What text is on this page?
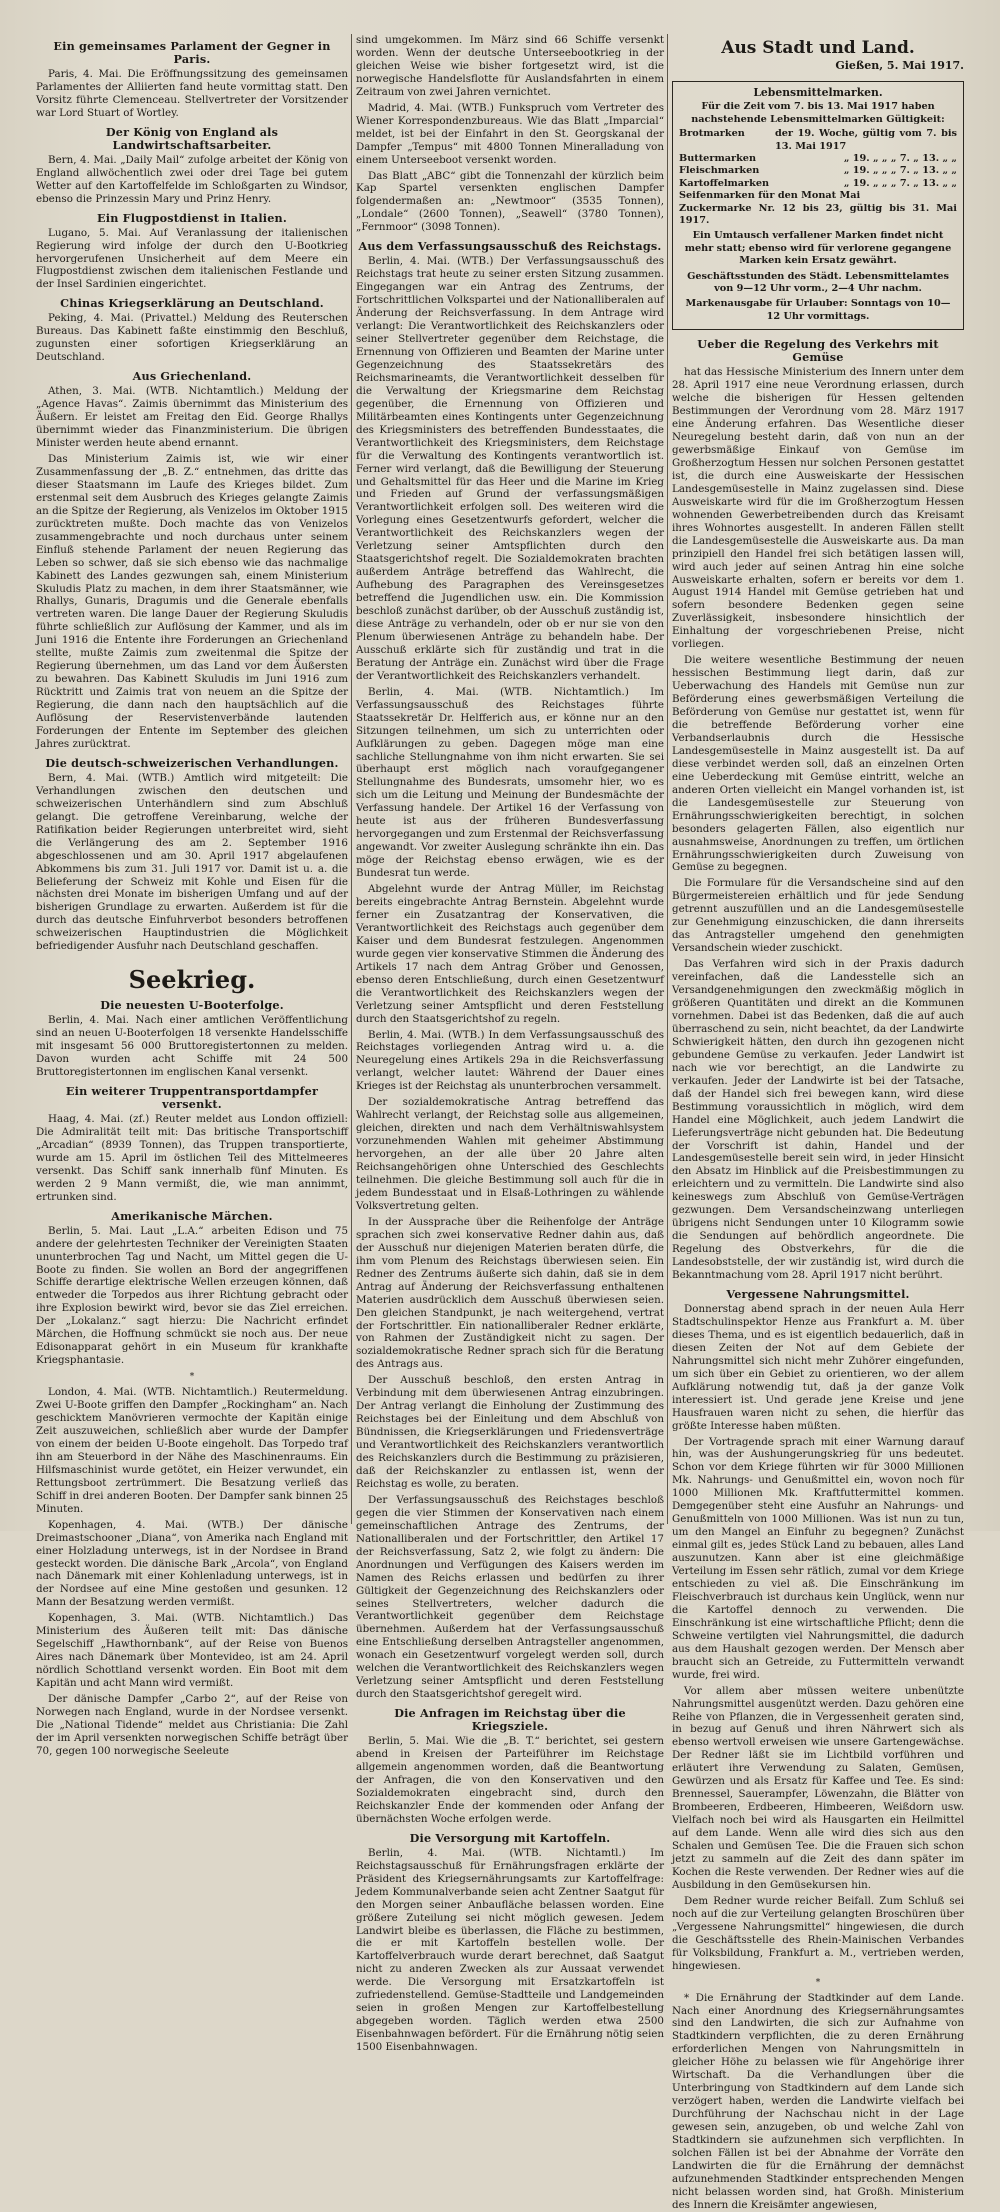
Ein gemeinsames Parlament der Gegner in Paris.

Paris, 4. Mai. Die Eröffnungssitzung des gemeinsamen Parlamentes der Alliierten fand heute vormittag statt. Den Vorsitz führte Clemenceau. Stellvertreter der Vorsitzender war Lord Stuart of Wortley.

Der König von England als Landwirtschaftsarbeiter.

Bern, 4. Mai. „Daily Mail“ zufolge arbeitet der König von England allwöchentlich zwei oder drei Tage bei gutem Wetter auf den Kartoffelfelde im Schloßgarten zu Windsor, ebenso die Prinzessin Mary und Prinz Henry.

Ein Flugpostdienst in Italien.

Lugano, 5. Mai. Auf Veranlassung der italienischen Regierung wird infolge der durch den U-Bootkrieg hervorgerufenen Unsicherheit auf dem Meere ein Flugpostdienst zwischen dem italienischen Festlande und der Insel Sardinien eingerichtet.

Chinas Kriegserklärung an Deutschland.

Peking, 4. Mai. (Privattel.) Meldung des Reuterschen Bureaus. Das Kabinett faßte einstimmig den Beschluß, zugunsten einer sofortigen Kriegserklärung an Deutschland.

Aus Griechenland.

Athen, 3. Mai. (WTB. Nichtamtlich.) Meldung der „Agence Havas“. Zaimis übernimmt das Ministerium des Äußern. Er leistet am Freitag den Eid. George Rhallys übernimmt wieder das Finanzministerium. Die übrigen Minister werden heute abend ernannt.

Das Ministerium Zaimis ist, wie wir einer Zusammenfassung der „B. Z.“ entnehmen, das dritte das dieser Staatsmann im Laufe des Krieges bildet. Zum erstenmal seit dem Ausbruch des Krieges gelangte Zaimis an die Spitze der Regierung, als Venizelos im Oktober 1915 zurücktreten mußte. Doch machte das von Venizelos zusammengebrachte und noch durchaus unter seinem Einfluß stehende Parlament der neuen Regierung das Leben so schwer, daß sie sich ebenso wie das nachmalige Kabinett des Landes gezwungen sah, einem Ministerium Skuludis Platz zu machen, in dem ihrer Staatsmänner, wie Rhallys, Gunaris, Dragumis und die Generale ebenfalls vertreten waren. Die lange Dauer der Regierung Skuludis führte schließlich zur Auflösung der Kammer, und als im Juni 1916 die Entente ihre Forderungen an Griechenland stellte, mußte Zaimis zum zweitenmal die Spitze der Regierung übernehmen, um das Land vor dem Äußersten zu bewahren. Das Kabinett Skuludis im Juni 1916 zum Rücktritt und Zaimis trat von neuem an die Spitze der Regierung, die dann nach den hauptsächlich auf die Auflösung der Reservistenverbände lautenden Forderungen der Entente im September des gleichen Jahres zurücktrat.

Die deutsch-schweizerischen Verhandlungen.

Bern, 4. Mai. (WTB.) Amtlich wird mitgeteilt: Die Verhandlungen zwischen den deutschen und schweizerischen Unterhändlern sind zum Abschluß gelangt. Die getroffene Vereinbarung, welche der Ratifikation beider Regierungen unterbreitet wird, sieht die Verlängerung des am 2. September 1916 abgeschlossenen und am 30. April 1917 abgelaufenen Abkommens bis zum 31. Juli 1917 vor. Damit ist u. a. die Belieferung der Schweiz mit Kohle und Eisen für die nächsten drei Monate im bisherigen Umfang und auf der bisherigen Grundlage zu erwarten. Außerdem ist für die durch das deutsche Einfuhrverbot besonders betroffenen schweizerischen Hauptindustrien die Möglichkeit befriedigender Ausfuhr nach Deutschland geschaffen.

Seekrieg.
Die neuesten U-Booterfolge.

Berlin, 4. Mai. Nach einer amtlichen Veröffentlichung sind an neuen U-Booterfolgen 18 versenkte Handelsschiffe mit insgesamt 56 000 Bruttoregistertonnen zu melden. Davon wurden acht Schiffe mit 24 500 Bruttoregistertonnen im englischen Kanal versenkt.

Ein weiterer Truppentransportdampfer versenkt.

Haag, 4. Mai. (zf.) Reuter meldet aus London offiziell: Die Admiralität teilt mit: Das britische Transportschiff „Arcadian“ (8939 Tonnen), das Truppen transportierte, wurde am 15. April im östlichen Teil des Mittelmeeres versenkt. Das Schiff sank innerhalb fünf Minuten. Es werden 2 9 Mann vermißt, die, wie man annimmt, ertrunken sind.

Amerikanische Märchen.

Berlin, 5. Mai. Laut „L.A.“ arbeiten Edison und 75 andere der gelehrtesten Techniker der Vereinigten Staaten ununterbrochen Tag und Nacht, um Mittel gegen die U-Boote zu finden. Sie wollen an Bord der angegriffenen Schiffe derartige elektrische Wellen erzeugen können, daß entweder die Torpedos aus ihrer Richtung gebracht oder ihre Explosion bewirkt wird, bevor sie das Ziel erreichen. Der „Lokalanz.“ sagt hierzu: Die Nachricht erfindet Märchen, die Hoffnung schmückt sie noch aus. Der neue Edisonapparat gehört in ein Museum für krankhafte Kriegsphantasie.

*

London, 4. Mai. (WTB. Nichtamtlich.) Reutermeldung. Zwei U-Boote griffen den Dampfer „Rockingham“ an. Nach geschicktem Manövrieren vermochte der Kapitän einige Zeit auszuweichen, schließlich aber wurde der Dampfer von einem der beiden U-Boote eingeholt. Das Torpedo traf ihn am Steuerbord in der Nähe des Maschinenraums. Ein Hilfsmaschinist wurde getötet, ein Heizer verwundet, ein Rettungsboot zertrümmert. Die Besatzung verließ das Schiff in drei anderen Booten. Der Dampfer sank binnen 25 Minuten.

Kopenhagen, 4. Mai. (WTB.) Der dänische Dreimastschooner „Diana“, von Amerika nach England mit einer Holzladung unterwegs, ist in der Nordsee in Brand gesteckt worden. Die dänische Bark „Arcola“, von England nach Dänemark mit einer Kohlenladung unterwegs, ist in der Nordsee auf eine Mine gestoßen und gesunken. 12 Mann der Besatzung werden vermißt.

Kopenhagen, 3. Mai. (WTB. Nichtamtlich.) Das Ministerium des Äußeren teilt mit: Das dänische Segelschiff „Hawthornbank“, auf der Reise von Buenos Aires nach Dänemark über Montevideo, ist am 24. April nördlich Schottland versenkt worden. Ein Boot mit dem Kapitän und acht Mann wird vermißt.

Der dänische Dampfer „Carbo 2“, auf der Reise von Norwegen nach England, wurde in der Nordsee versenkt. Die „National Tidende“ meldet aus Christiania: Die Zahl der im April versenkten norwegischen Schiffe beträgt über 70, gegen 100 norwegische Seeleute

sind umgekommen. Im März sind 66 Schiffe versenkt worden. Wenn der deutsche Unterseebootkrieg in der gleichen Weise wie bisher fortgesetzt wird, ist die norwegische Handelsflotte für Auslandsfahrten in einem Zeitraum von zwei Jahren vernichtet.

Madrid, 4. Mai. (WTB.) Funkspruch vom Vertreter des Wiener Korrespondenzbureaus. Wie das Blatt „Imparcial“ meldet, ist bei der Einfahrt in den St. Georgskanal der Dampfer „Tempus“ mit 4800 Tonnen Mineralladung von einem Unterseeboot versenkt worden.

Das Blatt „ABC“ gibt die Tonnenzahl der kürzlich beim Kap Spartel versenkten englischen Dampfer folgendermaßen an: „Newtmoor“ (3535 Tonnen), „Londale“ (2600 Tonnen), „Seawell“ (3780 Tonnen), „Fernmoor“ (3098 Tonnen).

Aus dem Verfassungsausschuß des Reichstags.

Berlin, 4. Mai. (WTB.) Der Verfassungsausschuß des Reichstags trat heute zu seiner ersten Sitzung zusammen. Eingegangen war ein Antrag des Zentrums, der Fortschrittlichen Volkspartei und der Nationalliberalen auf Änderung der Reichsverfassung. In dem Antrage wird verlangt: Die Verantwortlichkeit des Reichskanzlers oder seiner Stellvertreter gegenüber dem Reichstage, die Ernennung von Offizieren und Beamten der Marine unter Gegenzeichnung des Staatssekretärs des Reichsmarineamts, die Verantwortlichkeit desselben für die Verwaltung der Kriegsmarine dem Reichstag gegenüber, die Ernennung von Offizieren und Militärbeamten eines Kontingents unter Gegenzeichnung des Kriegsministers des betreffenden Bundesstaates, die Verantwortlichkeit des Kriegsministers, dem Reichstage für die Verwaltung des Kontingents verantwortlich ist. Ferner wird verlangt, daß die Bewilligung der Steuerung und Gehaltsmittel für das Heer und die Marine im Krieg und Frieden auf Grund der verfassungsmäßigen Verantwortlichkeit erfolgen soll. Des weiteren wird die Vorlegung eines Gesetzentwurfs gefordert, welcher die Verantwortlichkeit des Reichskanzlers wegen der Verletzung seiner Amtspflichten durch den Staatsgerichtshof regelt. Die Sozialdemokraten brachten außerdem Anträge betreffend das Wahlrecht, die Aufhebung des Paragraphen des Vereinsgesetzes betreffend die Jugendlichen usw. ein. Die Kommission beschloß zunächst darüber, ob der Ausschuß zuständig ist, diese Anträge zu verhandeln, oder ob er nur sie von den Plenum überwiesenen Anträge zu behandeln habe. Der Ausschuß erklärte sich für zuständig und trat in die Beratung der Anträge ein. Zunächst wird über die Frage der Verantwortlichkeit des Reichskanzlers verhandelt.

Berlin, 4. Mai. (WTB. Nichtamtlich.) Im Verfassungsausschuß des Reichstages führte Staatssekretär Dr. Helfferich aus, er könne nur an den Sitzungen teilnehmen, um sich zu unterrichten oder Aufklärungen zu geben. Dagegen möge man eine sachliche Stellungnahme von ihm nicht erwarten. Sie sei überhaupt erst möglich nach voraufgegangener Stellungnahme des Bundesrats, umsomehr hier, wo es sich um die Leitung und Meinung der Bundesmächte der Verfassung handele. Der Artikel 16 der Verfassung von heute ist aus der früheren Bundesverfassung hervorgegangen und zum Erstenmal der Reichsverfassung angewandt. Vor zweiter Auslegung schränkte ihn ein. Das möge der Reichstag ebenso erwägen, wie es der Bundesrat tun werde.

Abgelehnt wurde der Antrag Müller, im Reichstag bereits eingebrachte Antrag Bernstein. Abgelehnt wurde ferner ein Zusatzantrag der Konservativen, die Verantwortlichkeit des Reichstags auch gegenüber dem Kaiser und dem Bundesrat festzulegen. Angenommen wurde gegen vier konservative Stimmen die Änderung des Artikels 17 nach dem Antrag Gröber und Genossen, ebenso deren Entschließung, durch einen Gesetzentwurf die Verantwortlichkeit des Reichskanzlers wegen der Verletzung seiner Amtspflicht und deren Feststellung durch den Staatsgerichtshof zu regeln.

Berlin, 4. Mai. (WTB.) In dem Verfassungsausschuß des Reichstages vorliegenden Antrag wird u. a. die Neuregelung eines Artikels 29a in die Reichsverfassung verlangt, welcher lautet: Während der Dauer eines Krieges ist der Reichstag als ununterbrochen versammelt.

Der sozialdemokratische Antrag betreffend das Wahlrecht verlangt, der Reichstag solle aus allgemeinen, gleichen, direkten und nach dem Verhältniswahlsystem vorzunehmenden Wahlen mit geheimer Abstimmung hervorgehen, an der alle über 20 Jahre alten Reichsangehörigen ohne Unterschied des Geschlechts teilnehmen. Die gleiche Bestimmung soll auch für die in jedem Bundesstaat und in Elsaß-Lothringen zu wählende Volksvertretung gelten.

In der Aussprache über die Reihenfolge der Anträge sprachen sich zwei konservative Redner dahin aus, daß der Ausschuß nur diejenigen Materien beraten dürfe, die ihm vom Plenum des Reichstags überwiesen seien. Ein Redner des Zentrums äußerte sich dahin, daß sie in dem Antrag auf Änderung der Reichsverfassung enthaltenen Materien ausdrücklich dem Ausschuß überwiesen seien. Den gleichen Standpunkt, je nach weitergehend, vertrat der Fortschrittler. Ein nationalliberaler Redner erklärte, von Rahmen der Zuständigkeit nicht zu sagen. Der sozialdemokratische Redner sprach sich für die Beratung des Antrags aus.

Der Ausschuß beschloß, den ersten Antrag in Verbindung mit dem überwiesenen Antrag einzubringen. Der Antrag verlangt die Einholung der Zustimmung des Reichstages bei der Einleitung und dem Abschluß von Bündnissen, die Kriegserklärungen und Friedensverträge und Verantwortlichkeit des Reichskanzlers verantwortlich des Reichskanzlers durch die Bestimmung zu präzisieren, daß der Reichskanzler zu entlassen ist, wenn der Reichstag es wolle, zu beraten.

Der Verfassungsausschuß des Reichstages beschloß gegen die vier Stimmen der Konservativen nach einem gemeinschaftlichen Antrage des Zentrums, der Nationalliberalen und der Fortschrittler, den Artikel 17 der Reichsverfassung, Satz 2, wie folgt zu ändern: Die Anordnungen und Verfügungen des Kaisers werden im Namen des Reichs erlassen und bedürfen zu ihrer Gültigkeit der Gegenzeichnung des Reichskanzlers oder seines Stellvertreters, welcher dadurch die Verantwortlichkeit gegenüber dem Reichstage übernehmen. Außerdem hat der Verfassungsausschuß eine Entschließung derselben Antragsteller angenommen, wonach ein Gesetzentwurf vorgelegt werden soll, durch welchen die Verantwortlichkeit des Reichskanzlers wegen Verletzung seiner Amtspflicht und deren Feststellung durch den Staatsgerichtshof geregelt wird.

Die Anfragen im Reichstag über die Kriegsziele.

Berlin, 5. Mai. Wie die „B. T.“ berichtet, sei gestern abend in Kreisen der Parteiführer im Reichstage allgemein angenommen worden, daß die Beantwortung der Anfragen, die von den Konservativen und den Sozialdemokraten eingebracht sind, durch den Reichskanzler Ende der kommenden oder Anfang der übernächsten Woche erfolgen werde.

Die Versorgung mit Kartoffeln.

Berlin, 4. Mai. (WTB. Nichtamtl.) Im Reichstagsausschuß für Ernährungsfragen erklärte der Präsident des Kriegsernährungsamts zur Kartoffelfrage: Jedem Kommunalverbande seien acht Zentner Saatgut für den Morgen seiner Anbaufläche belassen worden. Eine größere Zuteilung sei nicht möglich gewesen. Jedem Landwirt bleibe es überlassen, die Fläche zu bestimmen, die er mit Kartoffeln bestellen wolle. Der Kartoffelverbrauch wurde derart berechnet, daß Saatgut nicht zu anderen Zwecken als zur Aussaat verwendet werde. Die Versorgung mit Ersatzkartoffeln ist zufriedenstellend. Gemüse-Stadtteile und Landgemeinden seien in großen Mengen zur Kartoffelbestellung abgegeben worden. Täglich werden etwa 2500 Eisenbahnwagen befördert. Für die Ernährung nötig seien 1500 Eisenbahnwagen.

Aus Stadt und Land.
Gießen, 5. Mai 1917.
Lebensmittelmarken.
Für die Zeit vom 7. bis 13. Mai 1917 haben nachstehende Lebensmittelmarken Gültigkeit:
Brotmarken	der 19. Woche, gültig vom 7. bis 13. Mai 1917
Buttermarken	„ 19. „ „ „ 7. „ 13. „ „
Fleischmarken	„ 19. „ „ „ 7. „ 13. „ „
Kartoffelmarken	„ 19. „ „ „ 7. „ 13. „ „
Seifenmarken für den Monat Mai
Zuckermarke Nr. 12 bis 23, gültig bis 31. Mai 1917.
Ein Umtausch verfallener Marken findet nicht mehr statt; ebenso wird für verlorene gegangene Marken kein Ersatz gewährt.
Geschäftsstunden des Städt. Lebensmittelamtes von 9—12 Uhr vorm., 2—4 Uhr nachm.
Markenausgabe für Urlauber: Sonntags von 10—12 Uhr vormittags.
Ueber die Regelung des Verkehrs mit Gemüse

hat das Hessische Ministerium des Innern unter dem 28. April 1917 eine neue Verordnung erlassen, durch welche die bisherigen für Hessen geltenden Bestimmungen der Verordnung vom 28. März 1917 eine Änderung erfahren. Das Wesentliche dieser Neuregelung besteht darin, daß von nun an der gewerbsmäßige Einkauf von Gemüse im Großherzogtum Hessen nur solchen Personen gestattet ist, die durch eine Ausweiskarte der Hessischen Landesgemüsestelle in Mainz zugelassen sind. Diese Ausweiskarte wird für die im Großherzogtum Hessen wohnenden Gewerbetreibenden durch das Kreisamt ihres Wohnortes ausgestellt. In anderen Fällen stellt die Landesgemüsestelle die Ausweiskarte aus. Da man prinzipiell den Handel frei sich betätigen lassen will, wird auch jeder auf seinen Antrag hin eine solche Ausweiskarte erhalten, sofern er bereits vor dem 1. August 1914 Handel mit Gemüse getrieben hat und sofern besondere Bedenken gegen seine Zuverlässigkeit, insbesondere hinsichtlich der Einhaltung der vorgeschriebenen Preise, nicht vorliegen.

Die weitere wesentliche Bestimmung der neuen hessischen Bestimmung liegt darin, daß zur Ueberwachung des Handels mit Gemüse nun zur Beförderung eines gewerbsmäßigen Verteilung die Beförderung von Gemüse nur gestattet ist, wenn für die betreffende Beförderung vorher eine Verbandserlaubnis durch die Hessische Landesgemüsestelle in Mainz ausgestellt ist. Da auf diese verbindet werden soll, daß an einzelnen Orten eine Ueberdeckung mit Gemüse eintritt, welche an anderen Orten vielleicht ein Mangel vorhanden ist, ist die Landesgemüsestelle zur Steuerung von Ernährungsschwierigkeiten berechtigt, in solchen besonders gelagerten Fällen, also eigentlich nur ausnahmsweise, Anordnungen zu treffen, um örtlichen Ernährungsschwierigkeiten durch Zuweisung von Gemüse zu begegnen.

Die Formulare für die Versandscheine sind auf den Bürgermeistereien erhältlich und für jede Sendung getrennt auszufüllen und an die Landesgemüsestelle zur Genehmigung einzuschicken, die dann ihrerseits das Antragsteller umgehend den genehmigten Versandschein wieder zuschickt.

Das Verfahren wird sich in der Praxis dadurch vereinfachen, daß die Landesstelle sich an Versandgenehmigungen den zweckmäßig möglich in größeren Quantitäten und direkt an die Kommunen vornehmen. Dabei ist das Bedenken, daß die auf auch überraschend zu sein, nicht beachtet, da der Landwirte Schwierigkeit hätten, den durch ihn gezogenen nicht gebundene Gemüse zu verkaufen. Jeder Landwirt ist nach wie vor berechtigt, an die Landwirte zu verkaufen. Jeder der Landwirte ist bei der Tatsache, daß der Handel sich frei bewegen kann, wird diese Bestimmung voraussichtlich in möglich, wird dem Handel eine Möglichkeit, auch jedem Landwirt die Lieferungsverträge nicht gebunden hat. Die Bedeutung der Vorschrift ist dahin, Handel und der Landesgemüsestelle bereit sein wird, in jeder Hinsicht den Absatz im Hinblick auf die Preisbestimmungen zu erleichtern und zu vermitteln. Die Landwirte sind also keineswegs zum Abschluß von Gemüse-Verträgen gezwungen. Dem Versandscheinzwang unterliegen übrigens nicht Sendungen unter 10 Kilogramm sowie die Sendungen auf behördlich angeordnete. Die Regelung des Obstverkehrs, für die die Landesobststelle, der wir zuständig ist, wird durch die Bekanntmachung vom 28. April 1917 nicht berührt.

Vergessene Nahrungsmittel.

Donnerstag abend sprach in der neuen Aula Herr Stadtschulinspektor Henze aus Frankfurt a. M. über dieses Thema, und es ist eigentlich bedauerlich, daß in diesen Zeiten der Not auf dem Gebiete der Nahrungsmittel sich nicht mehr Zuhörer eingefunden, um sich über ein Gebiet zu orientieren, wo der allem Aufklärung notwendig tut, daß ja der ganze Volk interessiert ist. Und gerade jene Kreise und jene Hausfrauen waren nicht zu sehen, die hierfür das größte Interesse haben müßten.

Der Vortragende sprach mit einer Warnung darauf hin, was der Aushungerungskrieg für uns bedeutet. Schon vor dem Kriege führten wir für 3000 Millionen Mk. Nahrungs- und Genußmittel ein, wovon noch für 1000 Millionen Mk. Kraftfuttermittel kommen. Demgegenüber steht eine Ausfuhr an Nahrungs- und Genußmitteln von 1000 Millionen. Was ist nun zu tun, um den Mangel an Einfuhr zu begegnen? Zunächst einmal gilt es, jedes Stück Land zu bebauen, alles Land auszunutzen. Kann aber ist eine gleichmäßige Verteilung im Essen sehr rätlich, zumal vor dem Kriege entschieden zu viel aß. Die Einschränkung im Fleischverbrauch ist durchaus kein Unglück, wenn nur die Kartoffel dennoch zu verwenden. Die Einschränkung ist eine wirtschaftliche Pflicht; denn die Schweine vertilgten viel Nahrungsmittel, die dadurch aus dem Haushalt gezogen werden. Der Mensch aber braucht sich an Getreide, zu Futtermitteln verwandt wurde, frei wird.

Vor allem aber müssen weitere unbenützte Nahrungsmittel ausgenützt werden. Dazu gehören eine Reihe von Pflanzen, die in Vergessenheit geraten sind, in bezug auf Genuß und ihren Nährwert sich als ebenso wertvoll erweisen wie unsere Gartengewächse. Der Redner läßt sie im Lichtbild vorführen und erläutert ihre Verwendung zu Salaten, Gemüsen, Gewürzen und als Ersatz für Kaffee und Tee. Es sind: Brennessel, Sauerampfer, Löwenzahn, die Blätter von Brombeeren, Erdbeeren, Himbeeren, Weißdorn usw. Vielfach noch bei wird als Hausgarten ein Heilmittel auf dem Lande. Wenn alle wird dies sich aus den Schalen und Gemüsen Tee. Die die Frauen sich schon jetzt zu sammeln auf die Zeit des dann später im Kochen die Reste verwenden. Der Redner wies auf die Ausbildung in den Gemüsekursen hin.

Dem Redner wurde reicher Beifall. Zum Schluß sei noch auf die zur Verteilung gelangten Broschüren über „Vergessene Nahrungsmittel“ hingewiesen, die durch die Geschäftsstelle des Rhein-Mainischen Verbandes für Volksbildung, Frankfurt a. M., vertrieben werden, hingewiesen.

*

* Die Ernährung der Stadtkinder auf dem Lande. Nach einer Anordnung des Kriegsernährungsamtes sind den Landwirten, die sich zur Aufnahme von Stadtkindern verpflichten, die zu deren Ernährung erforderlichen Mengen von Nahrungsmitteln in gleicher Höhe zu belassen wie für Angehörige ihrer Wirtschaft. Da die Verhandlungen über die Unterbringung von Stadtkindern auf dem Lande sich verzögert haben, werden die Landwirte vielfach bei Durchführung der Nachschau nicht in der Lage gewesen sein, anzugeben, ob und welche Zahl von Stadtkindern sie aufzunehmen sich verpflichten. In solchen Fällen ist bei der Abnahme der Vorräte den Landwirten die für die Ernährung der demnächst aufzunehmenden Stadtkinder entsprechenden Mengen nicht belassen worden sind, hat Großh. Ministerium des Innern die Kreisämter angewiesen,
